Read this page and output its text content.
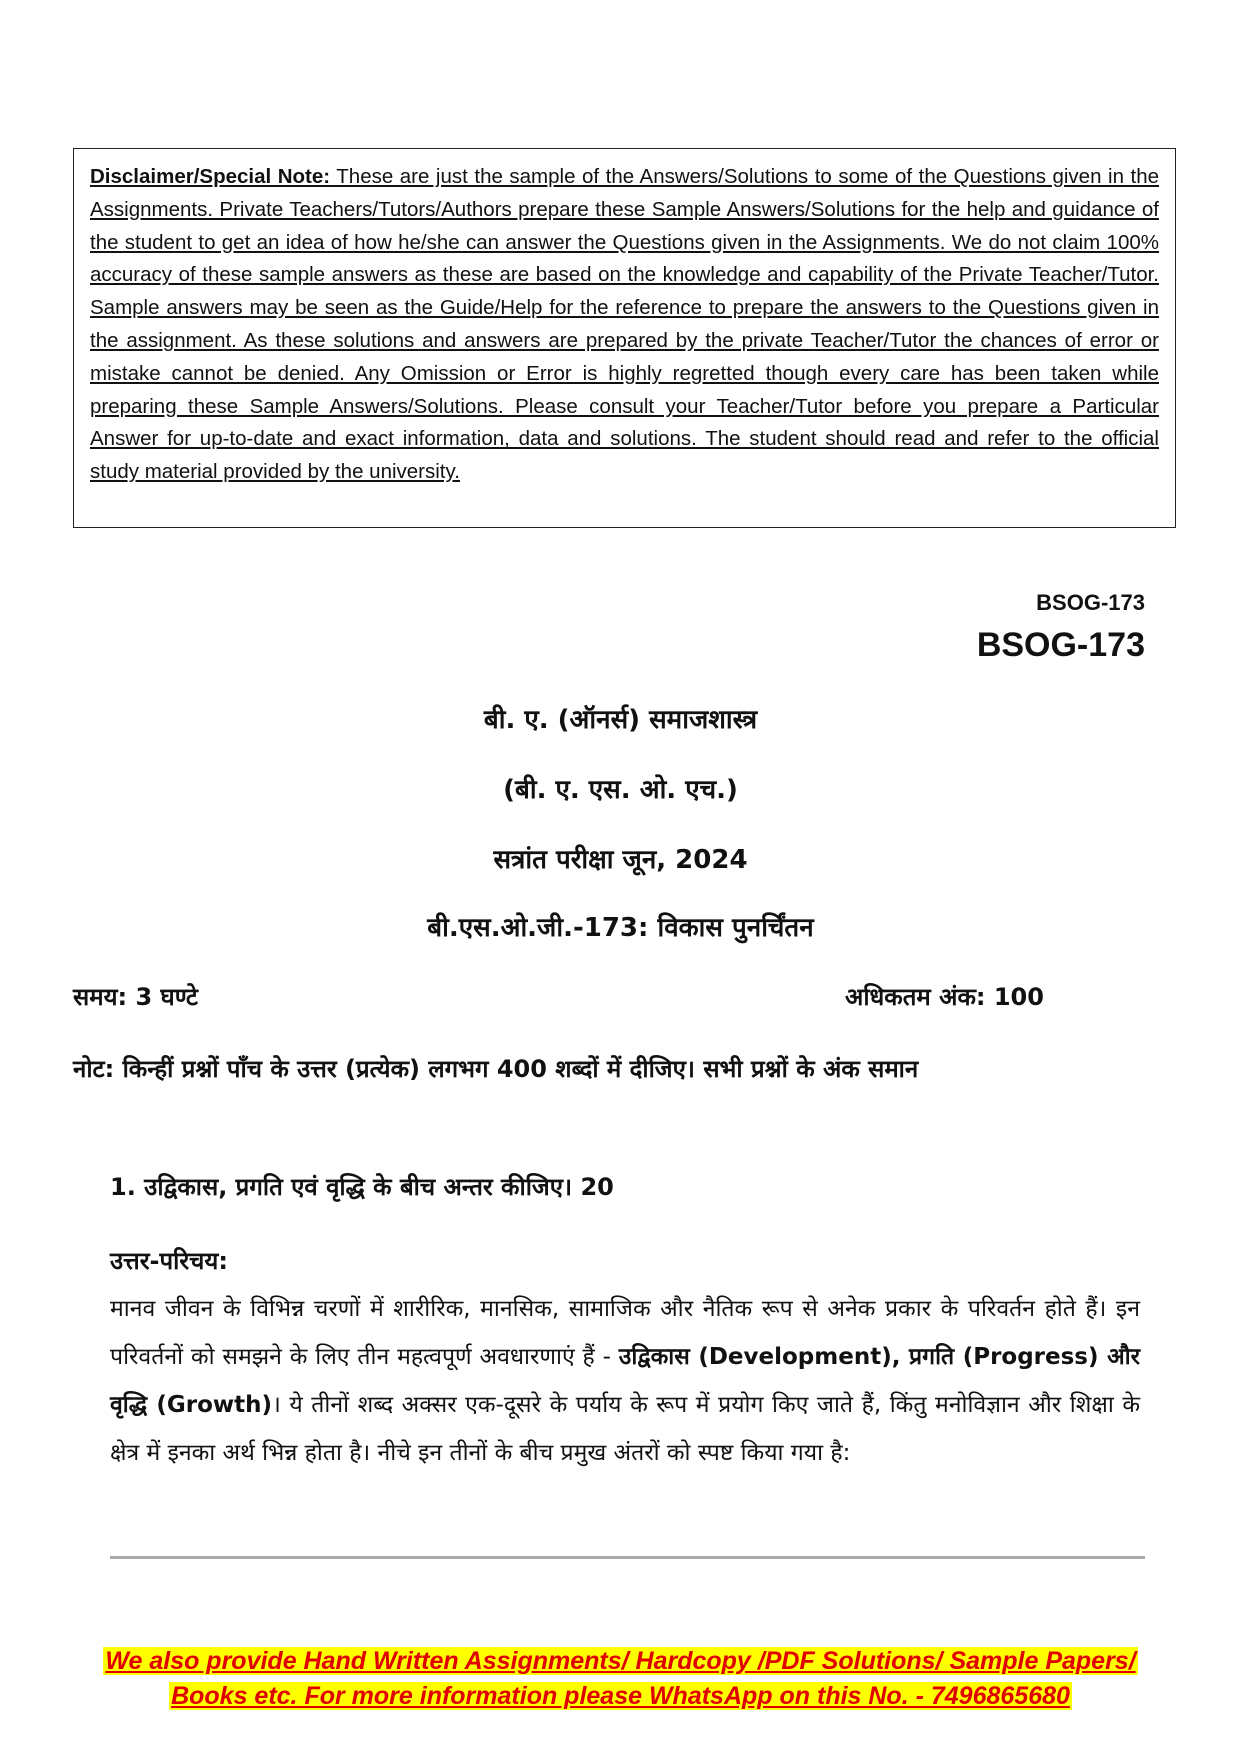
Disclaimer/Special Note: These are just the sample of the Answers/Solutions to some of the Questions given in the Assignments. Private Teachers/Tutors/Authors prepare these Sample Answers/Solutions for the help and guidance of the student to get an idea of how he/she can answer the Questions given in the Assignments. We do not claim 100% accuracy of these sample answers as these are based on the knowledge and capability of the Private Teacher/Tutor. Sample answers may be seen as the Guide/Help for the reference to prepare the answers to the Questions given in the assignment. As these solutions and answers are prepared by the private Teacher/Tutor the chances of error or mistake cannot be denied. Any Omission or Error is highly regretted though every care has been taken while preparing these Sample Answers/Solutions. Please consult your Teacher/Tutor before you prepare a Particular Answer for up-to-date and exact information, data and solutions. The student should read and refer to the official study material provided by the university.
BSOG-173
BSOG-173
बी. ए. (ऑनर्स) समाजशास्त्र
(बी. ए. एस. ओ. एच.)
सत्रांत परीक्षा जून, 2024
बी.एस.ओ.जी.-173: विकास पुनर्चिंतन
समय: 3 घण्टे	अधिकतम अंक: 100
नोट: किन्हीं प्रश्नों पाँच के उत्तर (प्रत्येक) लगभग 400 शब्दों में दीजिए। सभी प्रश्नों के अंक समान
1. उद्विकास, प्रगति एवं वृद्धि के बीच अन्तर कीजिए। 20
उत्तर-परिचय:
मानव जीवन के विभिन्न चरणों में शारीरिक, मानसिक, सामाजिक और नैतिक रूप से अनेक प्रकार के परिवर्तन होते हैं। इन परिवर्तनों को समझने के लिए तीन महत्वपूर्ण अवधारणाएं हैं - उद्विकास (Development), प्रगति (Progress) और वृद्धि (Growth)। ये तीनों शब्द अक्सर एक-दूसरे के पर्याय के रूप में प्रयोग किए जाते हैं, किंतु मनोविज्ञान और शिक्षा के क्षेत्र में इनका अर्थ भिन्न होता है। नीचे इन तीनों के बीच प्रमुख अंतरों को स्पष्ट किया गया है:
We also provide Hand Written Assignments/ Hardcopy /PDF Solutions/ Sample Papers/
Books etc. For more information please WhatsApp on this No. - 7496865680
